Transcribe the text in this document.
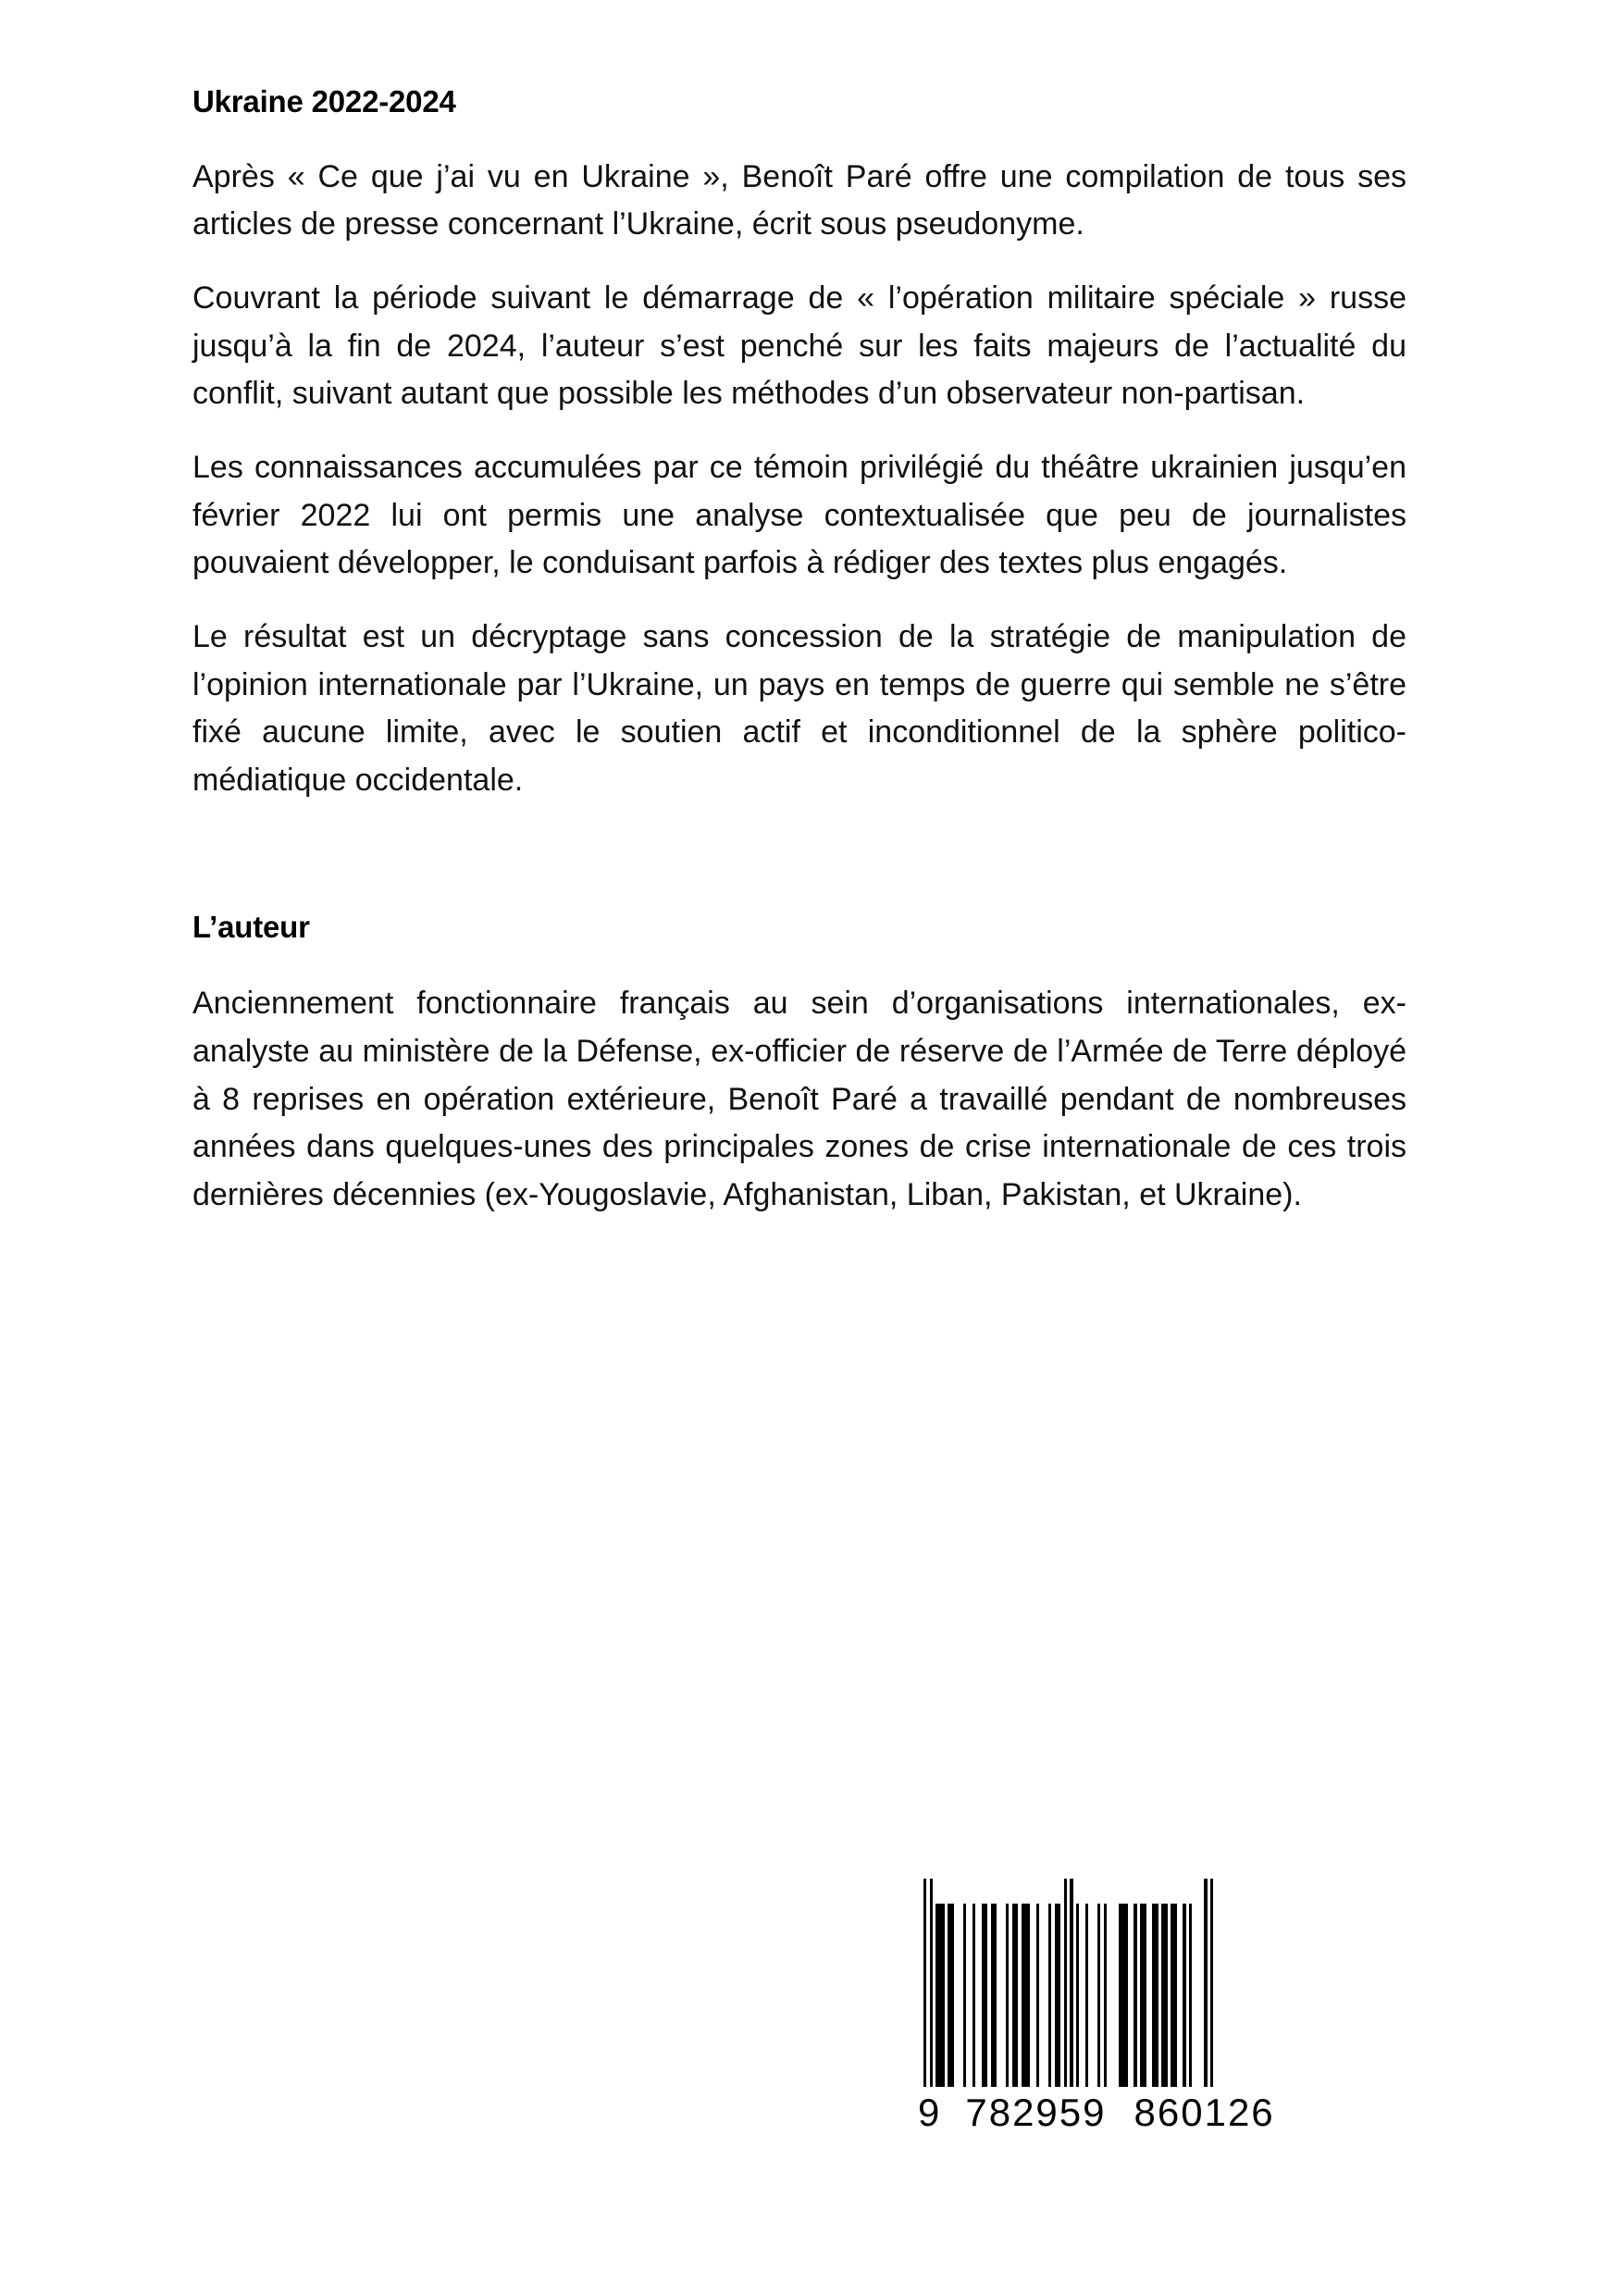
Ukraine 2022-2024

Après « Ce que j’ai vu en Ukraine », Benoît Paré offre une compilation de tous ses articles de presse concernant l’Ukraine, écrit sous pseudonyme.

Couvrant la période suivant le démarrage de « l’opération militaire spéciale » russe jusqu’à la fin de 2024, l’auteur s’est penché sur les faits majeurs de l’actualité du conflit, suivant autant que possible les méthodes d’un observateur non-partisan.

Les connaissances accumulées par ce témoin privilégié du théâtre ukrainien jusqu’en février 2022 lui ont permis une analyse contextualisée que peu de journalistes pouvaient développer, le conduisant parfois à rédiger des textes plus engagés.

Le résultat est un décryptage sans concession de la stratégie de manipulation de l’opinion internationale par l’Ukraine, un pays en temps de guerre qui semble ne s’être fixé aucune limite, avec le soutien actif et inconditionnel de la sphère politico-médiatique occidentale.

L’auteur

Anciennement fonctionnaire français au sein d’organisations internationales, ex-analyste au ministère de la Défense, ex-officier de réserve de l’Armée de Terre déployé à 8 reprises en opération extérieure, Benoît Paré a travaillé pendant de nombreuses années dans quelques-unes des principales zones de crise internationale de ces trois dernières décennies (ex-Yougoslavie, Afghanistan, Liban, Pakistan, et Ukraine).

9 782959 860126
